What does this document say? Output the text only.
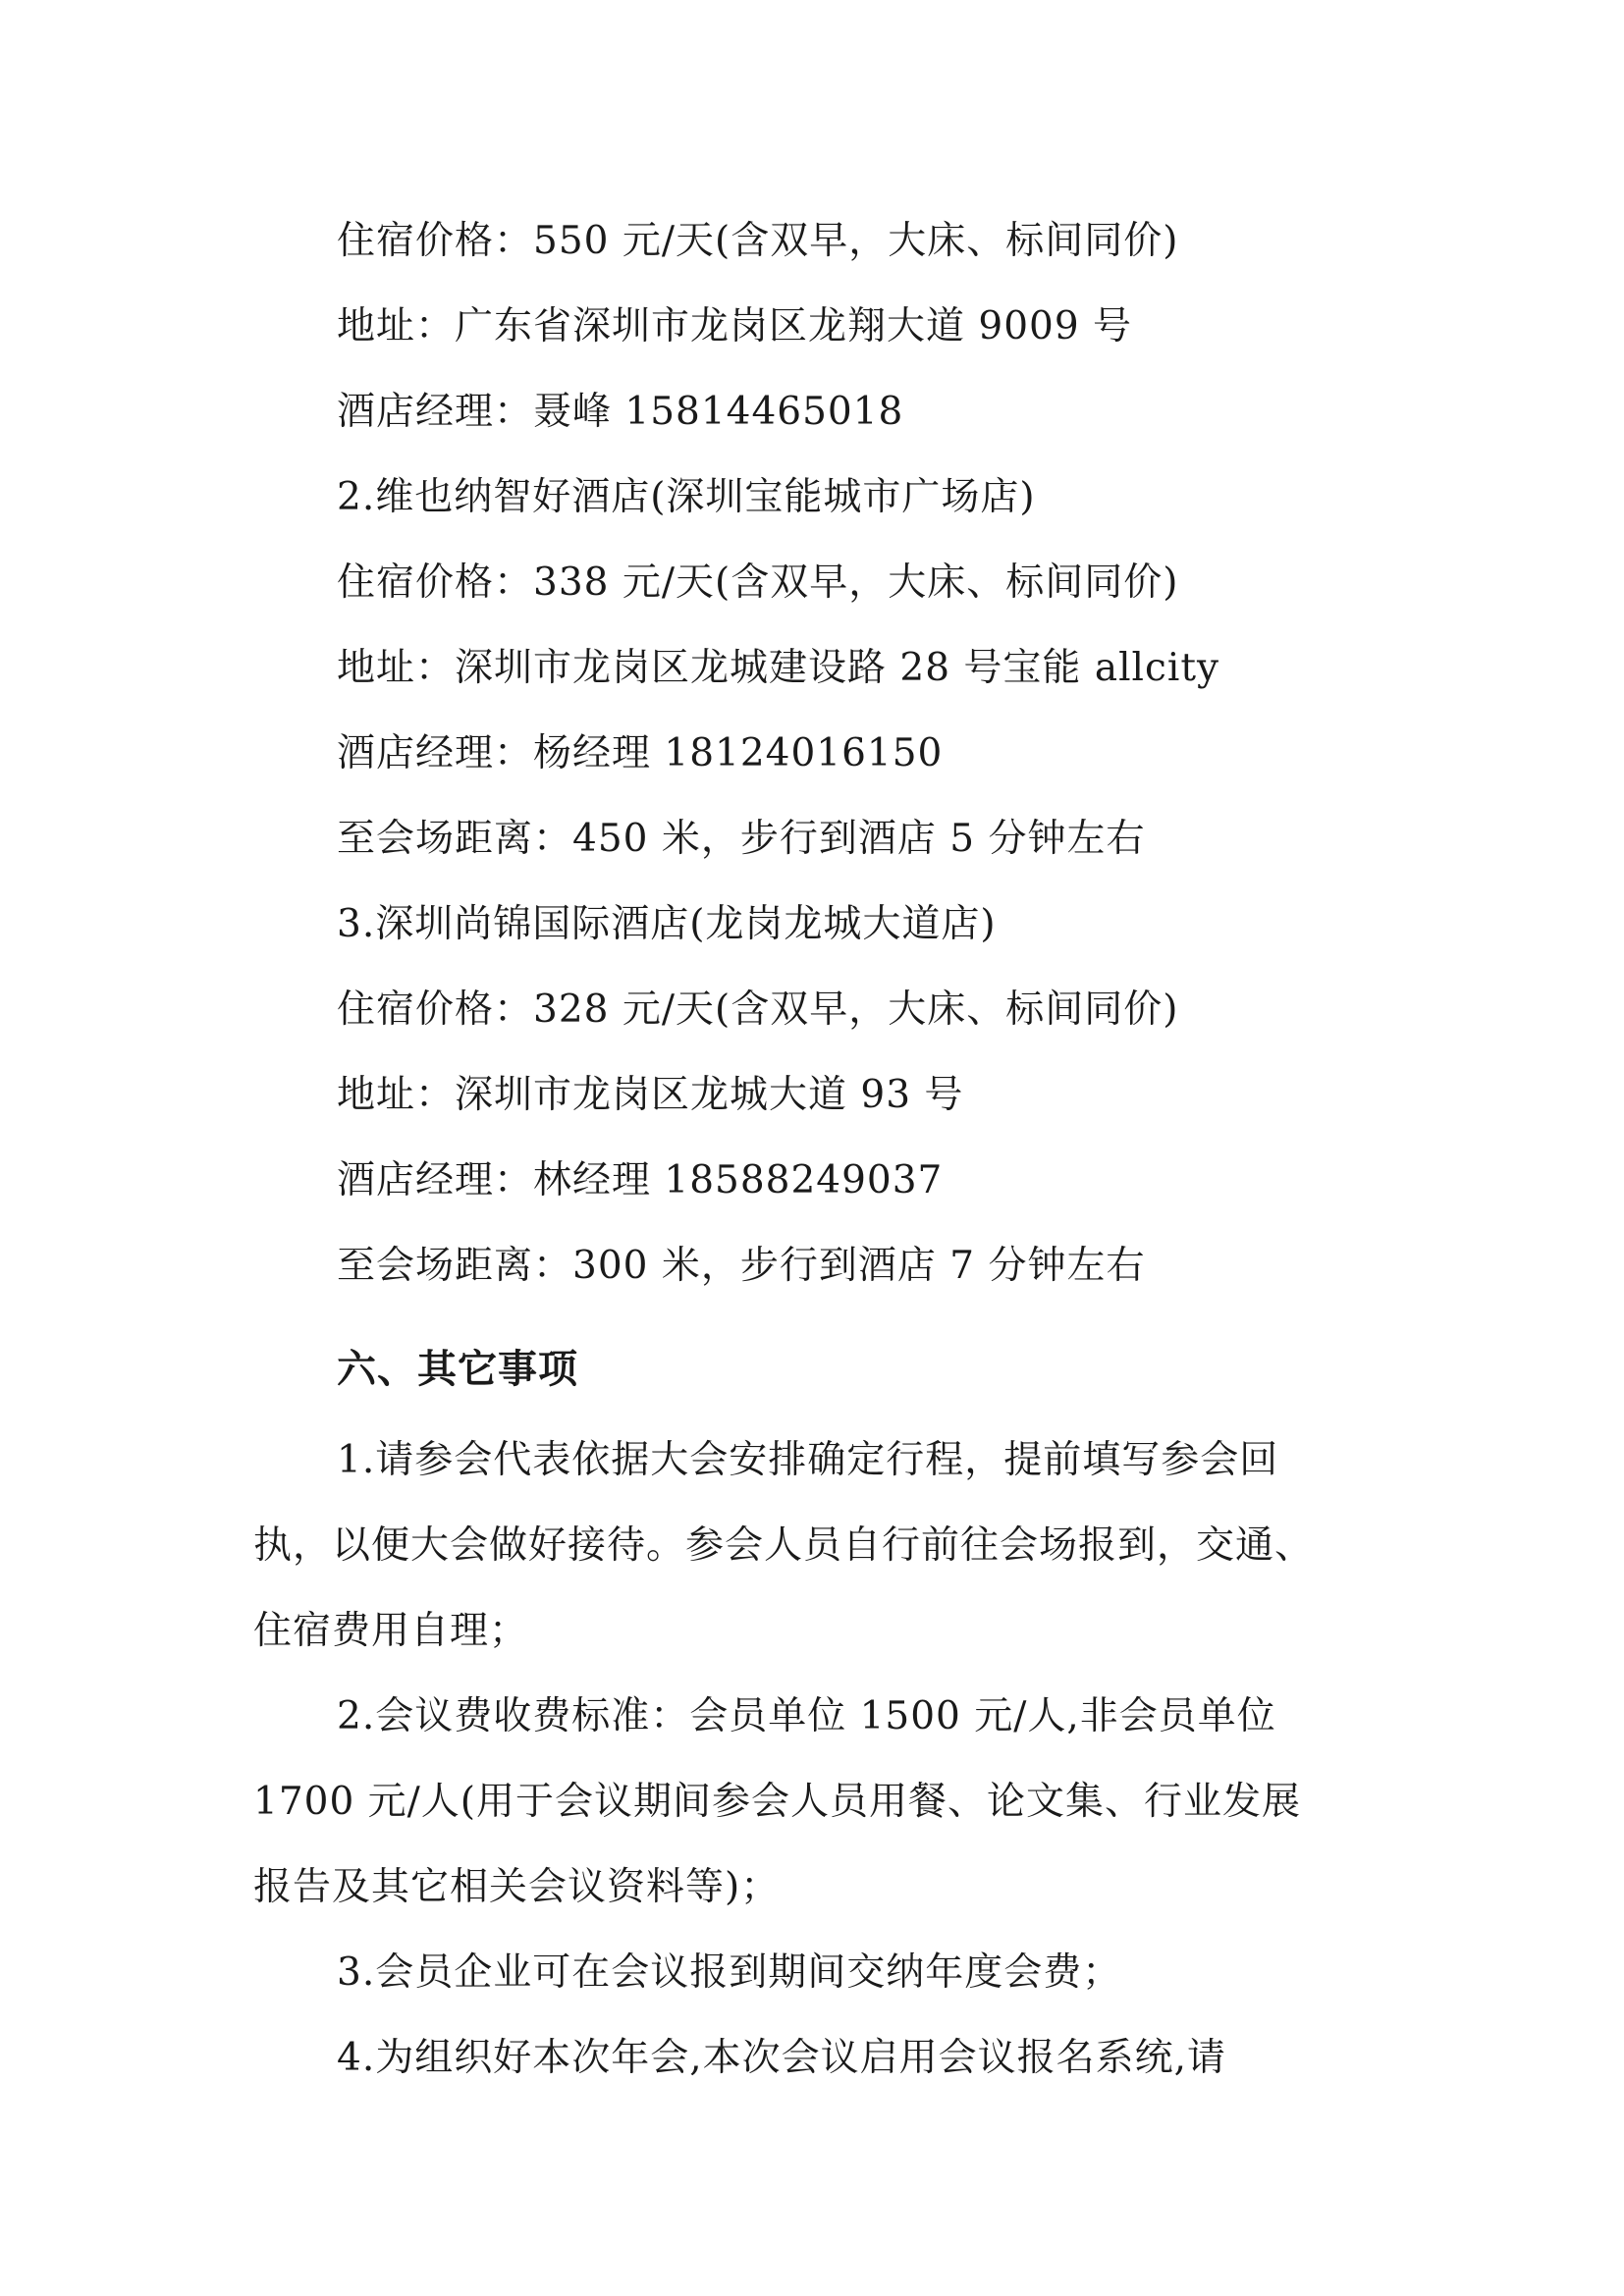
住宿价格：550 元/天(含双早，大床、标间同价)
地址：广东省深圳市龙岗区龙翔大道 9009 号
酒店经理：聂峰 15814465018
2.维也纳智好酒店(深圳宝能城市广场店)
住宿价格：338 元/天(含双早，大床、标间同价)
地址：深圳市龙岗区龙城建设路 28 号宝能 allcity
酒店经理：杨经理 18124016150
至会场距离：450 米，步行到酒店 5 分钟左右
3.深圳尚锦国际酒店(龙岗龙城大道店)
住宿价格：328 元/天(含双早，大床、标间同价)
地址：深圳市龙岗区龙城大道 93 号
酒店经理：林经理 18588249037
至会场距离：300 米，步行到酒店 7 分钟左右
六、其它事项
1.请参会代表依据大会安排确定行程，提前填写参会回
执，以便大会做好接待。参会人员自行前往会场报到，交通、
住宿费用自理；
2.会议费收费标准：会员单位 1500 元/人,非会员单位
1700 元/人(用于会议期间参会人员用餐、论文集、行业发展
报告及其它相关会议资料等)；
3.会员企业可在会议报到期间交纳年度会费；
4.为组织好本次年会,本次会议启用会议报名系统,请
